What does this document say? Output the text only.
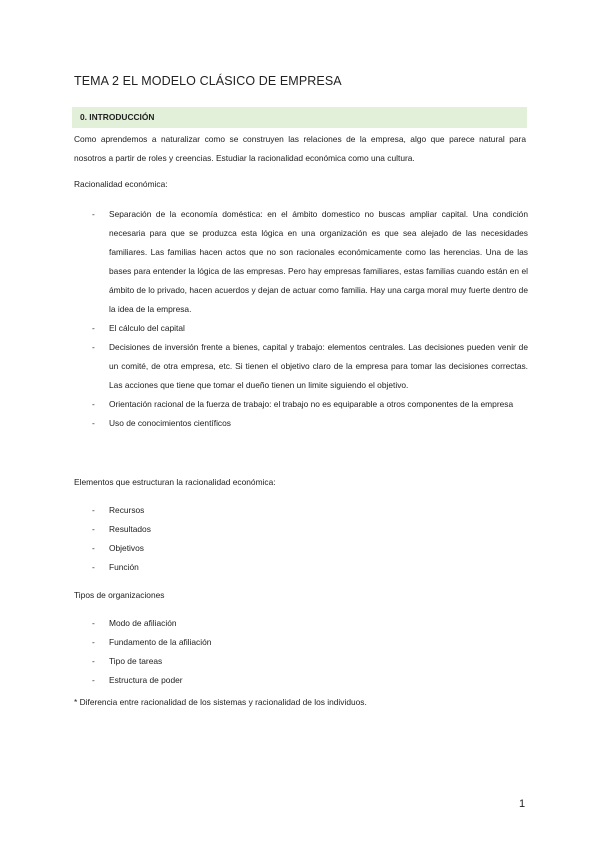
TEMA 2 EL MODELO CLÁSICO DE EMPRESA
0. INTRODUCCIÓN

Como aprendemos a naturalizar como se construyen las relaciones de la empresa, algo que parece natural para nosotros a partir de roles y creencias. Estudiar la racionalidad económica como una cultura.

Racionalidad económica:
- Separación de la economía doméstica: en el ámbito domestico no buscas ampliar capital. Una condición necesaria para que se produzca esta lógica en una organización es que sea alejado de las necesidades familiares. Las familias hacen actos que no son racionales económicamente como las herencias. Una de las bases para entender la lógica de las empresas. Pero hay empresas familiares, estas familias cuando están en el ámbito de lo privado, hacen acuerdos y dejan de actuar como familia. Hay una carga moral muy fuerte dentro de la idea de la empresa.
- El cálculo del capital
- Decisiones de inversión frente a bienes, capital y trabajo: elementos centrales. Las decisiones pueden venir de un comité, de otra empresa, etc. Si tienen el objetivo claro de la empresa para tomar las decisiones correctas. Las acciones que tiene que tomar el dueño tienen un limite siguiendo el objetivo.
- Orientación racional de la fuerza de trabajo: el trabajo no es equiparable a otros componentes de la empresa
- Uso de conocimientos científicos
Elementos que estructuran la racionalidad económica:
- Recursos
- Resultados
- Objetivos
- Función
Tipos de organizaciones
- Modo de afiliación
- Fundamento de la afiliación
- Tipo de tareas
- Estructura de poder
* Diferencia entre racionalidad de los sistemas y racionalidad de los individuos.
1
